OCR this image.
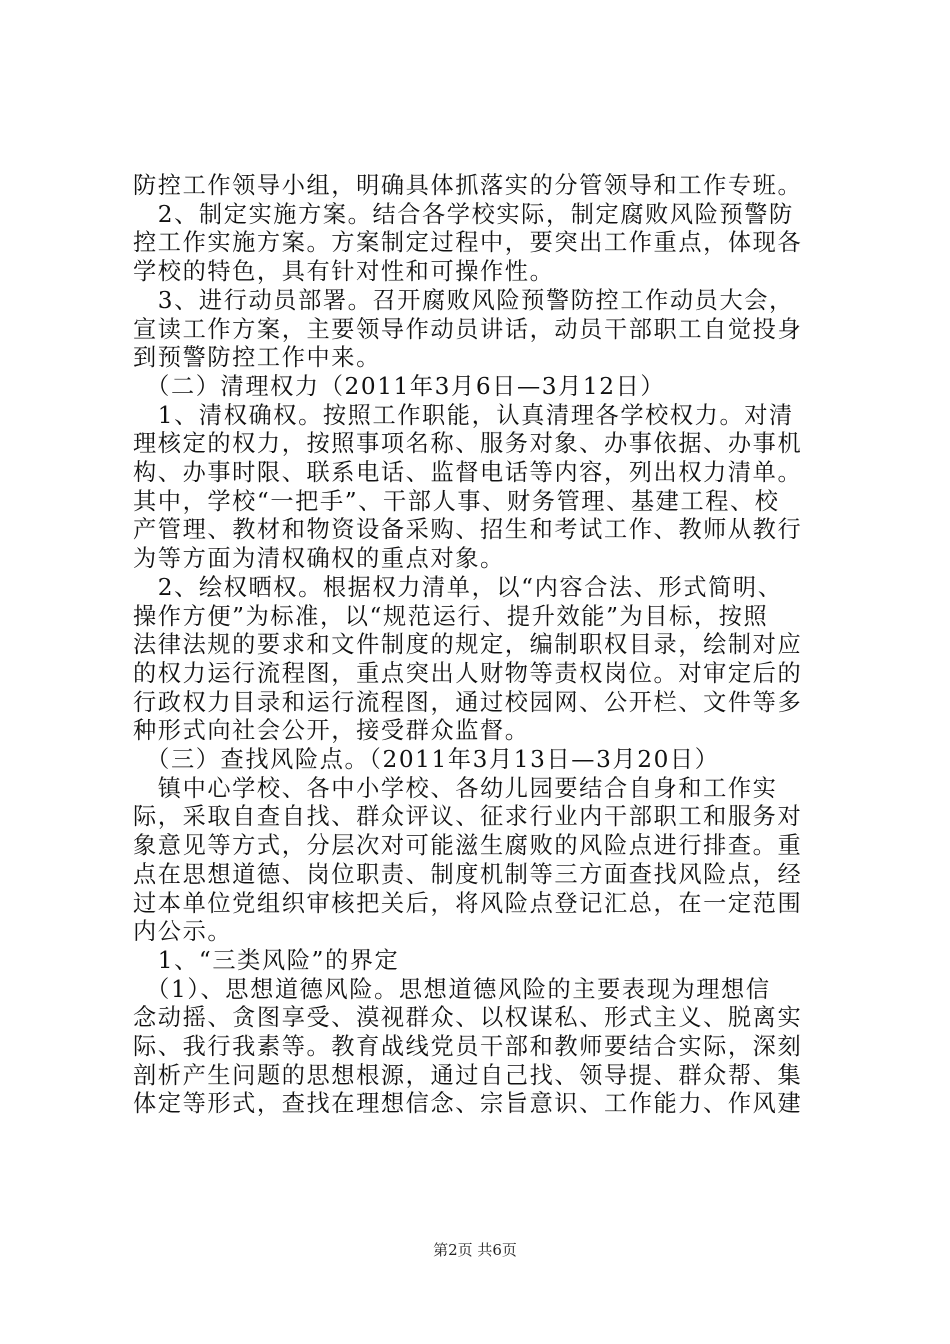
防控工作领导小组，明确具体抓落实的分管领导和工作专班。
　2、制定实施方案。结合各学校实际，制定腐败风险预警防
控工作实施方案。方案制定过程中，要突出工作重点，体现各
学校的特色，具有针对性和可操作性。
　3、进行动员部署。召开腐败风险预警防控工作动员大会，
宣读工作方案，主要领导作动员讲话，动员干部职工自觉投身
到预警防控工作中来。
　（二）清理权力（2011年3月6日—3月12日）
　1、清权确权。按照工作职能，认真清理各学校权力。对清
理核定的权力，按照事项名称、服务对象、办事依据、办事机
构、办事时限、联系电话、监督电话等内容，列出权力清单。
其中，学校“一把手”、干部人事、财务管理、基建工程、校
产管理、教材和物资设备采购、招生和考试工作、教师从教行
为等方面为清权确权的重点对象。
　2、绘权晒权。根据权力清单，以“内容合法、形式简明、
操作方便”为标准，以“规范运行、提升效能”为目标，按照
法律法规的要求和文件制度的规定，编制职权目录，绘制对应
的权力运行流程图，重点突出人财物等责权岗位。对审定后的
行政权力目录和运行流程图，通过校园网、公开栏、文件等多
种形式向社会公开，接受群众监督。
　（三）查找风险点。（2011年3月13日—3月20日）
　镇中心学校、各中小学校、各幼儿园要结合自身和工作实
际，采取自查自找、群众评议、征求行业内干部职工和服务对
象意见等方式，分层次对可能滋生腐败的风险点进行排查。重
点在思想道德、岗位职责、制度机制等三方面查找风险点，经
过本单位党组织审核把关后，将风险点登记汇总，在一定范围
内公示。
　1、“三类风险”的界定
　（1）、思想道德风险。思想道德风险的主要表现为理想信
念动摇、贪图享受、漠视群众、以权谋私、形式主义、脱离实
际、我行我素等。教育战线党员干部和教师要结合实际，深刻
剖析产生问题的思想根源，通过自己找、领导提、群众帮、集
体定等形式，查找在理想信念、宗旨意识、工作能力、作风建
第2页 共6页
